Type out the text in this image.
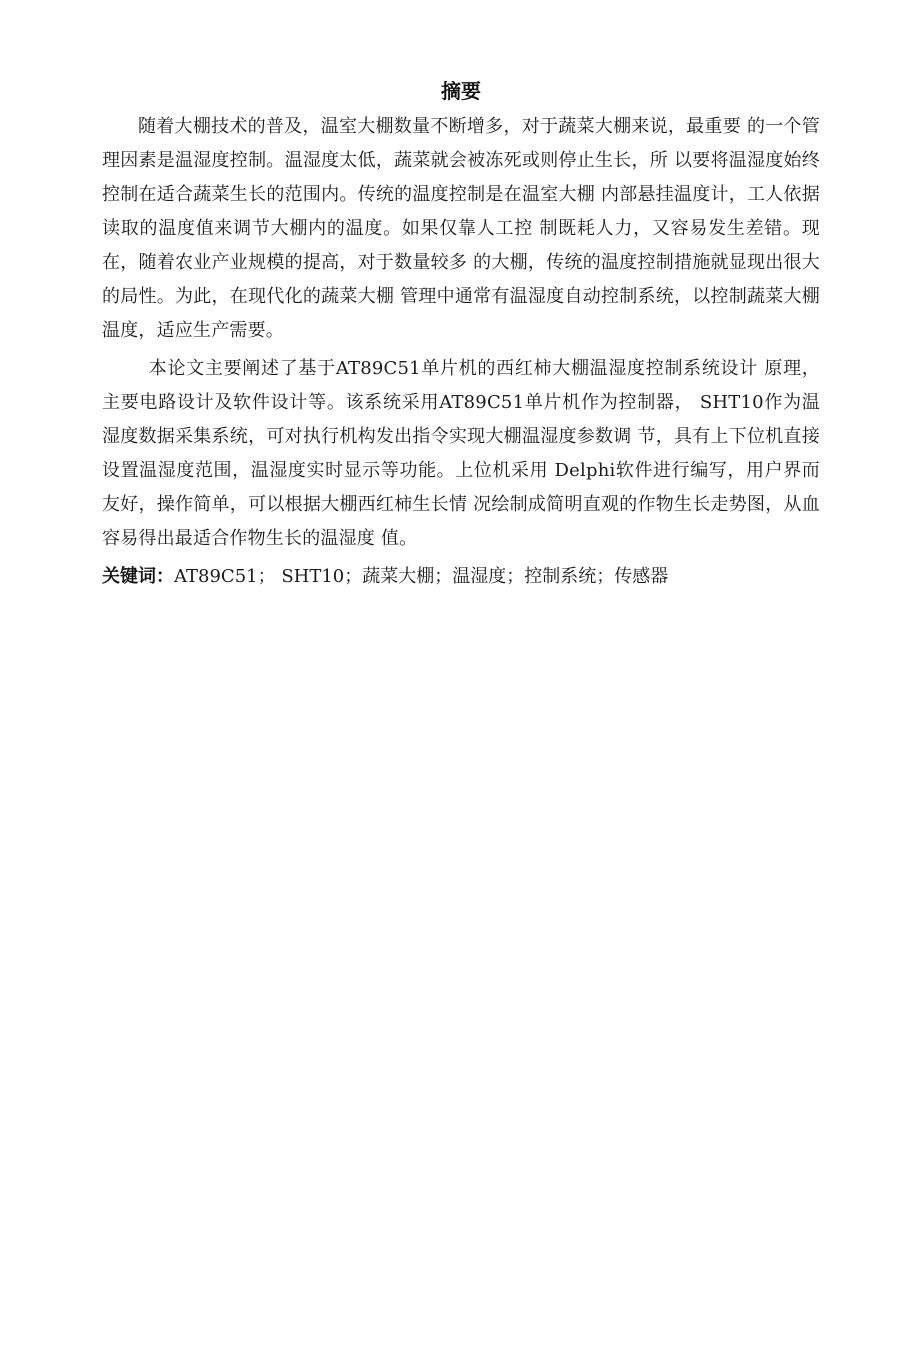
摘要

随着大棚技术的普及，温室大棚数量不断增多，对于蔬菜大棚来说，最重要 的一个管理因素是温湿度控制。温湿度太低，蔬菜就会被冻死或则停止生长，所 以要将温湿度始终控制在适合蔬菜生长的范围内。传统的温度控制是在温室大棚 内部悬挂温度计，工人依据读取的温度值来调节大棚内的温度。如果仅靠人工控 制既耗人力，又容易发生差错。现在，随着农业产业规模的提高，对于数量较多 的大棚，传统的温度控制措施就显现出很大的局性。为此，在现代化的蔬菜大棚 管理中通常有温湿度自动控制系统，以控制蔬菜大棚温度，适应生产需要。

本论文主要阐述了基于AT89C51单片机的西红柿大棚温湿度控制系统设计 原理，主要电路设计及软件设计等。该系统采用AT89C51单片机作为控制器， SHT10作为温湿度数据采集系统，可对执行机构发出指令实现大棚温湿度参数调 节，具有上下位机直接设置温湿度范围，温湿度实时显示等功能。上位机采用 Delphi软件进行编写，用户界而友好，操作简单，可以根据大棚西红柿生长情 况绘制成简明直观的作物生长走势图，从血容易得出最适合作物生长的温湿度 值。

关键词：AT89C51； SHT10；蔬菜大棚；温湿度；控制系统；传感器
